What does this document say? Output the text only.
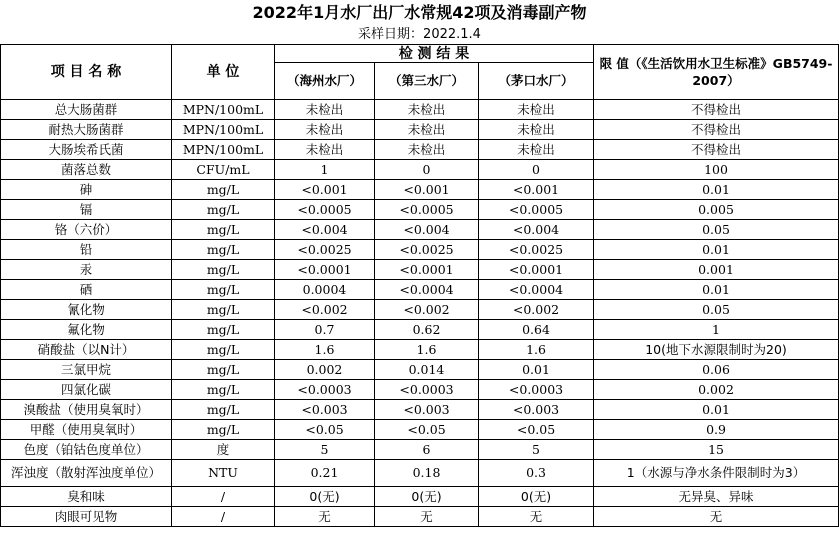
2022年1月水厂出厂水常规42项及消毒副产物
采样日期：2022.1.4
项 目 名 称	单 位	检 测 结 果			限 值（《生活饮用水卫生标准》GB5749-2007）
		（海州水厂）	（第三水厂）	（茅口水厂）	
总大肠菌群	MPN/100mL	未检出	未检出	未检出	不得检出
耐热大肠菌群	MPN/100mL	未检出	未检出	未检出	不得检出
大肠埃希氏菌	MPN/100mL	未检出	未检出	未检出	不得检出
菌落总数	CFU/mL	1	0	0	100
砷	mg/L	<0.001	<0.001	<0.001	0.01
镉	mg/L	<0.0005	<0.0005	<0.0005	0.005
铬（六价）	mg/L	<0.004	<0.004	<0.004	0.05
铅	mg/L	<0.0025	<0.0025	<0.0025	0.01
汞	mg/L	<0.0001	<0.0001	<0.0001	0.001
硒	mg/L	0.0004	<0.0004	<0.0004	0.01
氰化物	mg/L	<0.002	<0.002	<0.002	0.05
氟化物	mg/L	0.7	0.62	0.64	1
硝酸盐（以N计）	mg/L	1.6	1.6	1.6	10(地下水源限制时为20)
三氯甲烷	mg/L	0.002	0.014	0.01	0.06
四氯化碳	mg/L	<0.0003	<0.0003	<0.0003	0.002
溴酸盐（使用臭氧时）	mg/L	<0.003	<0.003	<0.003	0.01
甲醛（使用臭氧时）	mg/L	<0.05	<0.05	<0.05	0.9
色度（铂钴色度单位）	度	5	6	5	15
浑浊度（散射浑浊度单位）	NTU	0.21	0.18	0.3	1（水源与净水条件限制时为3）
臭和味	/	0(无)	0(无)	0(无)	无异臭、异味
肉眼可见物	/	无	无	无	无
